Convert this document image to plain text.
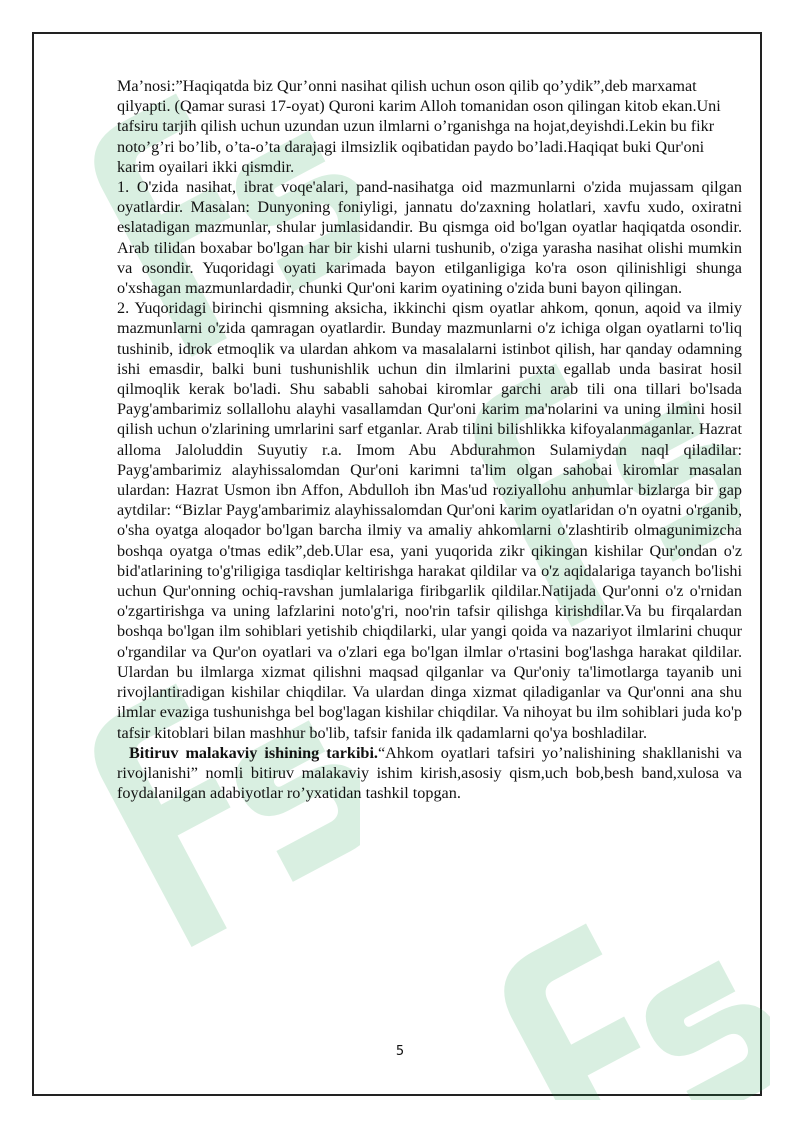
Ma’nosi:”Haqiqatda biz Qur’onni nasihat qilish uchun oson qilib qo’ydik”,deb marxamat qilyapti. (Qamar surasi 17-oyat) Quroni karim Alloh tomanidan oson qilingan kitob ekan.Uni tafsiru tarjih qilish uchun uzundan uzun ilmlarni o’rganishga na hojat,deyishdi.Lekin bu fikr noto’g’ri bo’lib, o’ta-o’ta darajagi ilmsizlik oqibatidan paydo bo’ladi.Haqiqat buki Qur'oni karim oyailari ikki qismdir.

1. O'zida nasihat, ibrat voqe'alari, pand-nasihatga oid mazmunlarni o'zida mujassam qilgan oyatlardir. Masalan: Dunyoning foniyligi, jannatu do'zaxning holatlari, xavfu xudo, oxiratni eslatadigan mazmunlar, shular jumlasidandir. Bu qismga oid bo'lgan oyatlar haqiqatda osondir. Arab tilidan boxabar bo'lgan har bir kishi ularni tushunib, o'ziga yarasha nasihat olishi mumkin va osondir. Yuqoridagi oyati karimada bayon etilganligiga ko'ra oson qilinishligi shunga o'xshagan mazmunlardadir, chunki Qur'oni karim oyatining o'zida buni bayon qilingan.

2. Yuqoridagi birinchi qismning aksicha, ikkinchi qism oyatlar ahkom, qonun, aqoid va ilmiy mazmunlarni o'zida qamragan oyatlardir. Bunday mazmunlarni o'z ichiga olgan oyatlarni to'liq tushinib, idrok etmoqlik va ulardan ahkom va masalalarni istinbot qilish, har qanday odamning ishi emasdir, balki buni tushunishlik uchun din ilmlarini puxta egallab unda basirat hosil qilmoqlik kerak bo'ladi. Shu sababli sahobai kiromlar garchi arab tili ona tillari bo'lsada Payg'ambarimiz sollallohu alayhi vasallamdan Qur'oni karim ma'nolarini va uning ilmini hosil qilish uchun o'zlarining umrlarini sarf etganlar. Arab tilini bilishlikka kifoyalanmaganlar. Hazrat alloma Jaloluddin Suyutiy r.a. Imom Abu Abdurahmon Sulamiydan naql qiladilar: Payg'ambarimiz alayhissalomdan Qur'oni karimni ta'lim olgan sahobai kiromlar masalan ulardan: Hazrat Usmon ibn Affon, Abdulloh ibn Mas'ud roziyallohu anhumlar bizlarga bir gap aytdilar: “Bizlar Payg'ambarimiz alayhissalomdan Qur'oni karim oyatlaridan o'n oyatni o'rganib, o'sha oyatga aloqador bo'lgan barcha ilmiy va amaliy ahkomlarni o'zlashtirib olmagunimizcha boshqa oyatga o'tmas edik”,deb.Ular esa, yani yuqorida zikr qikingan kishilar Qur'ondan o'z bid'atlarining to'g'riligiga tasdiqlar keltirishga harakat qildilar va o'z aqidalariga tayanch bo'lishi uchun Qur'onning ochiq-ravshan jumlalariga firibgarlik qildilar.Natijada Qur'onni o'z o'rnidan o'zgartirishga va uning lafzlarini noto'g'ri, noo'rin tafsir qilishga kirishdilar.Va bu firqalardan boshqa bo'lgan ilm sohiblari yetishib chiqdilarki, ular yangi qoida va nazariyot ilmlarini chuqur o'rgandilar va Qur'on oyatlari va o'zlari ega bo'lgan ilmlar o'rtasini bog'lashga harakat qildilar. Ulardan bu ilmlarga xizmat qilishni maqsad qilganlar va Qur'oniy ta'limotlarga tayanib uni rivojlantiradigan kishilar chiqdilar. Va ulardan dinga xizmat qiladiganlar va Qur'onni ana shu ilmlar evaziga tushunishga bel bog'lagan kishilar chiqdilar. Va nihoyat bu ilm sohiblari juda ko'p tafsir kitoblari bilan mashhur bo'lib, tafsir fanida ilk qadamlarni qo'ya boshladilar.

Bitiruv malakaviy ishining tarkibi.“Ahkom oyatlari tafsiri yo’nalishining shakllanishi va rivojlanishi” nomli bitiruv malakaviy ishim kirish,asosiy qism,uch bob,besh band,xulosa va foydalanilgan adabiyotlar ro’yxatidan tashkil topgan.

5
